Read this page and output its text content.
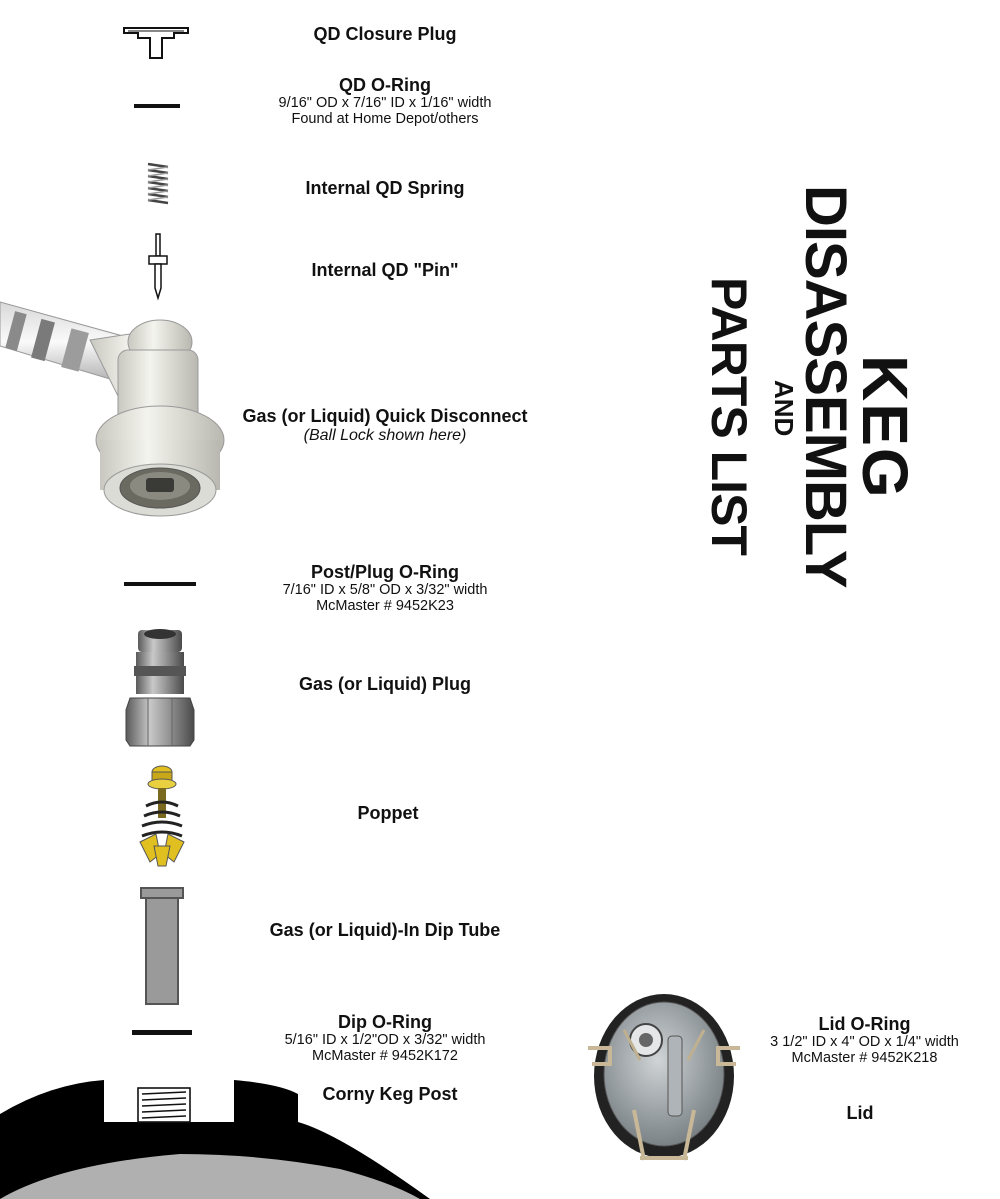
KEG
DISASSEMBLY
AND
PARTS LIST
QD Closure Plug
QD O-Ring
9/16" OD x 7/16" ID x 1/16" width
Found at Home Depot/others
Internal QD Spring
Internal QD "Pin"
Gas (or Liquid) Quick Disconnect
(Ball Lock shown here)
Post/Plug O-Ring
7/16" ID x 5/8" OD x 3/32" width
McMaster # 9452K23
Gas (or Liquid) Plug
Poppet
Gas (or Liquid)-In Dip Tube
Dip O-Ring
5/16" ID x 1/2"OD x 3/32" width
McMaster # 9452K172
Corny Keg Post
Lid O-Ring
3 1/2" ID x 4" OD x 1/4" width
McMaster # 9452K218
Lid
